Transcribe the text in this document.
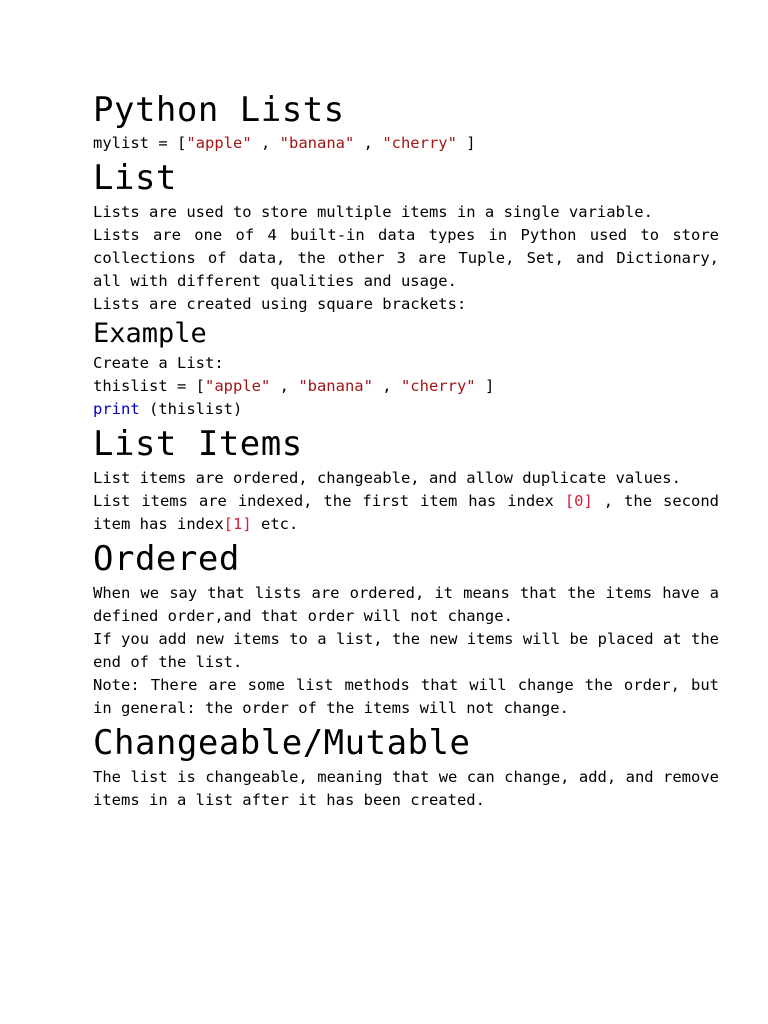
Python Lists

mylist = ["apple" , "banana" , "cherry" ]

List

Lists are used to store multiple items in a single variable.

Lists are one of 4 built-in data types in Python used to store collections of data, the other 3 are Tuple, Set, and Dictionary, all with different qualities and usage.

Lists are created using square brackets:

Example

Create a List:

thislist = ["apple" , "banana" , "cherry" ]

print (thislist)

List Items

List items are ordered, changeable, and allow duplicate values.

List items are indexed, the first item has index [0] , the second item has index[1] etc.

Ordered

When we say that lists are ordered, it means that the items have a defined order,and that order will not change.

If you add new items to a list, the new items will be placed at the end of the list.

Note: There are some list methods that will change the order, but in general: the order of the items will not change.

Changeable/Mutable

The list is changeable, meaning that we can change, add, and remove items in a list after it has been created.
